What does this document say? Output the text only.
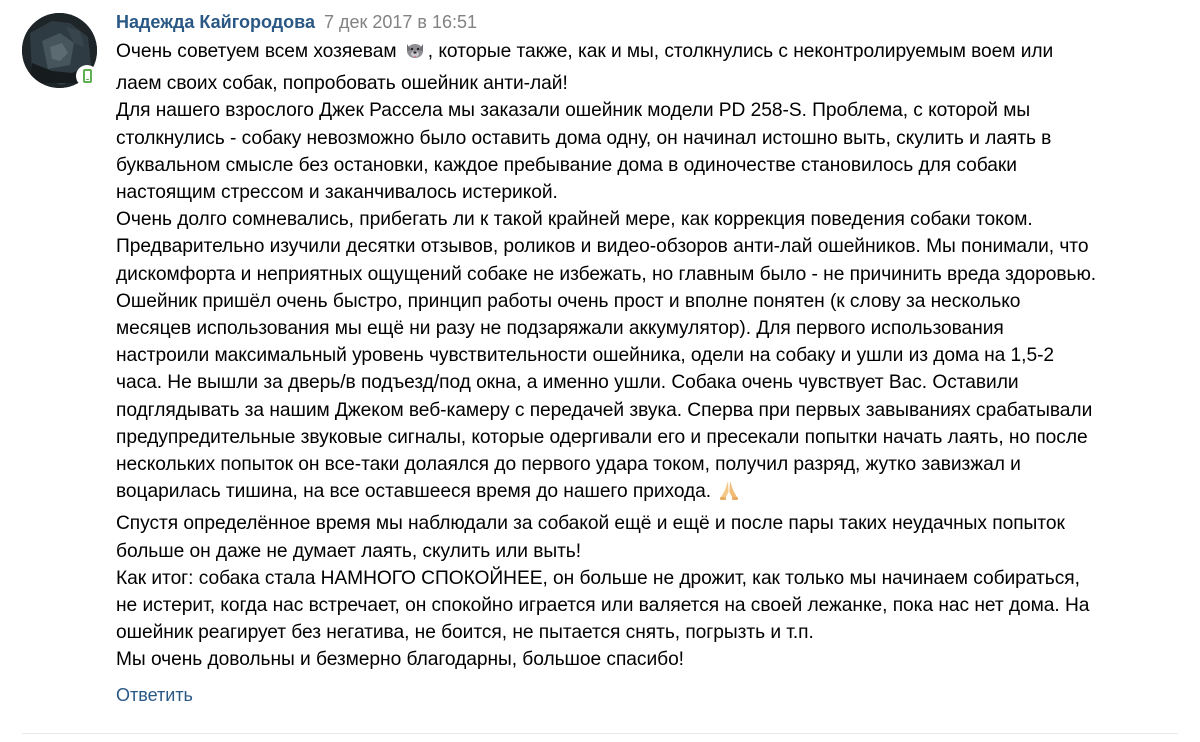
Надежда Кайгородова 7 дек 2017 в 16:51
Очень советуем всем хозяевам , которые также, как и мы, столкнулись с неконтролируемым воем или
лаем своих собак, попробовать ошейник анти-лай!
Для нашего взрослого Джек Рассела мы заказали ошейник модели PD 258-S. Проблема, с которой мы
столкнулись - собаку невозможно было оставить дома одну, он начинал истошно выть, скулить и лаять в
буквальном смысле без остановки, каждое пребывание дома в одиночестве становилось для собаки
настоящим стрессом и заканчивалось истерикой.
Очень долго сомневались, прибегать ли к такой крайней мере, как коррекция поведения собаки током.
Предварительно изучили десятки отзывов, роликов и видео-обзоров анти-лай ошейников. Мы понимали, что
дискомфорта и неприятных ощущений собаке не избежать, но главным было - не причинить вреда здоровью.
Ошейник пришёл очень быстро, принцип работы очень прост и вполне понятен (к слову за несколько
месяцев использования мы ещё ни разу не подзаряжали аккумулятор). Для первого использования
настроили максимальный уровень чувствительности ошейника, одели на собаку и ушли из дома на 1,5-2
часа. Не вышли за дверь/в подъезд/под окна, а именно ушли. Собака очень чувствует Вас. Оставили
подглядывать за нашим Джеком веб-камеру с передачей звука. Сперва при первых завываниях срабатывали
предупредительные звуковые сигналы, которые одергивали его и пресекали попытки начать лаять, но после
нескольких попыток он все-таки долаялся до первого удара током, получил разряд, жутко завизжал и
воцарилась тишина, на все оставшееся время до нашего прихода.
Спустя определённое время мы наблюдали за собакой ещё и ещё и после пары таких неудачных попыток
больше он даже не думает лаять, скулить или выть!
Как итог: собака стала НАМНОГО СПОКОЙНЕЕ, он больше не дрожит, как только мы начинаем собираться,
не истерит, когда нас встречает, он спокойно играется или валяется на своей лежанке, пока нас нет дома. На
ошейник реагирует без негатива, не боится, не пытается снять, погрызть и т.п.
Мы очень довольны и безмерно благодарны, большое спасибо!
Ответить
